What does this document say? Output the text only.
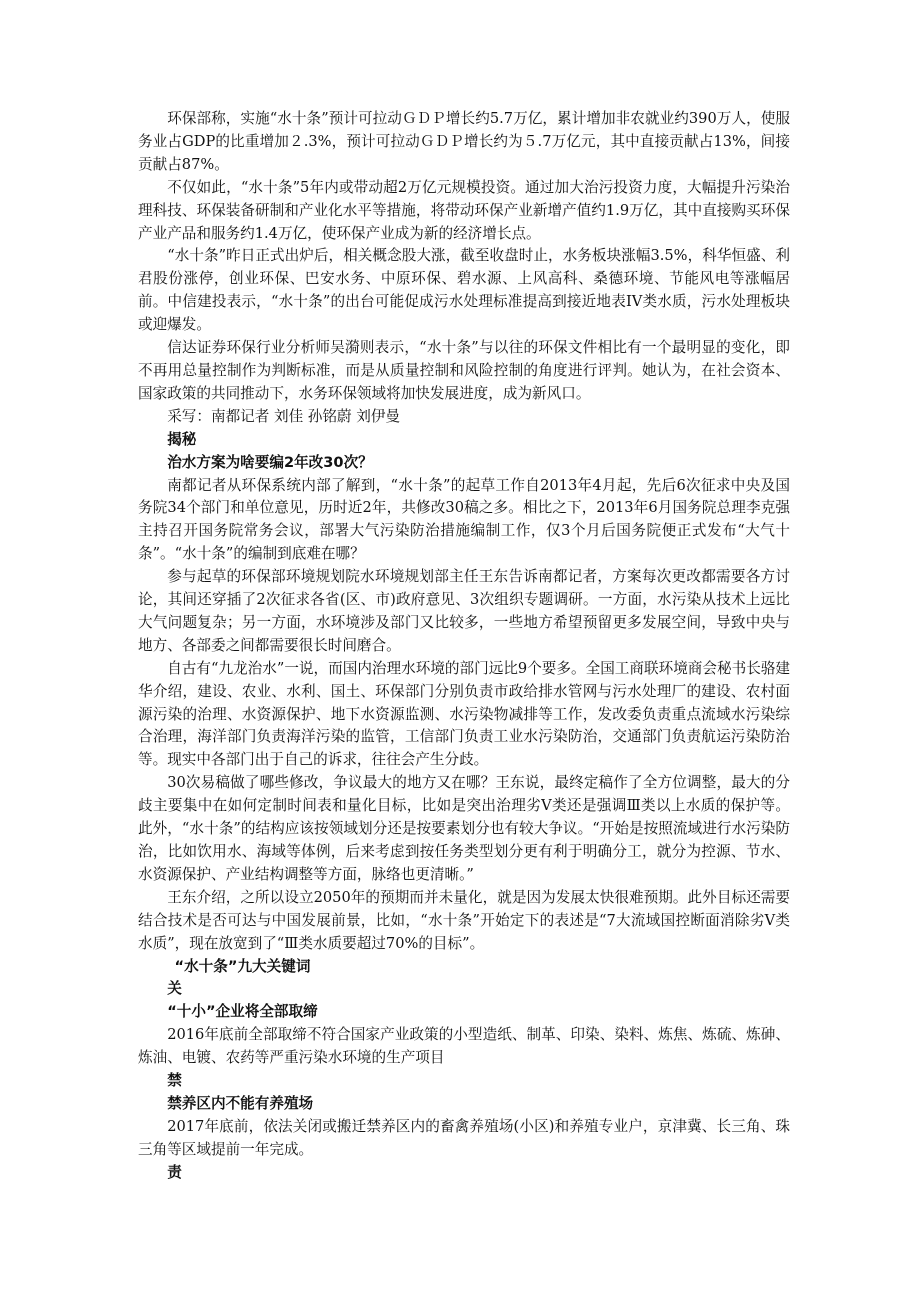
环保部称，实施“水十条”预计可拉动ＧＤＰ增长约5.7万亿，累计增加非农就业约390万人，使服务业占GDP的比重增加２.3%，预计可拉动ＧＤＰ增长约为５.7万亿元，其中直接贡献占13%，间接贡献占87%。

不仅如此，“水十条”5年内或带动超2万亿元规模投资。通过加大治污投资力度，大幅提升污染治理科技、环保装备研制和产业化水平等措施，将带动环保产业新增产值约1.9万亿，其中直接购买环保产业产品和服务约1.4万亿，使环保产业成为新的经济增长点。

“水十条”昨日正式出炉后，相关概念股大涨，截至收盘时止，水务板块涨幅3.5%，科华恒盛、利君股份涨停，创业环保、巴安水务、中原环保、碧水源、上风高科、桑德环境、节能风电等涨幅居前。中信建投表示，“水十条”的出台可能促成污水处理标准提高到接近地表IV类水质，污水处理板块或迎爆发。

信达证券环保行业分析师吴漪则表示，“水十条”与以往的环保文件相比有一个最明显的变化，即不再用总量控制作为判断标准，而是从质量控制和风险控制的角度进行评判。她认为，在社会资本、国家政策的共同推动下，水务环保领域将加快发展进度，成为新风口。

采写：南都记者 刘佳 孙铭蔚 刘伊曼

揭秘
治水方案为啥要编2年改30次？

南都记者从环保系统内部了解到，“水十条”的起草工作自2013年4月起，先后6次征求中央及国务院34个部门和单位意见，历时近2年，共修改30稿之多。相比之下，2013年6月国务院总理李克强主持召开国务院常务会议，部署大气污染防治措施编制工作，仅3个月后国务院便正式发布“大气十条”。“水十条”的编制到底难在哪？

参与起草的环保部环境规划院水环境规划部主任王东告诉南都记者，方案每次更改都需要各方讨论，其间还穿插了2次征求各省(区、市)政府意见、3次组织专题调研。一方面，水污染从技术上远比大气问题复杂；另一方面，水环境涉及部门又比较多，一些地方希望预留更多发展空间，导致中央与地方、各部委之间都需要很长时间磨合。

自古有“九龙治水”一说，而国内治理水环境的部门远比9个要多。全国工商联环境商会秘书长骆建华介绍，建设、农业、水利、国土、环保部门分别负责市政给排水管网与污水处理厂的建设、农村面源污染的治理、水资源保护、地下水资源监测、水污染物减排等工作，发改委负责重点流域水污染综合治理，海洋部门负责海洋污染的监管，工信部门负责工业水污染防治，交通部门负责航运污染防治等。现实中各部门出于自己的诉求，往往会产生分歧。

30次易稿做了哪些修改，争议最大的地方又在哪？王东说，最终定稿作了全方位调整，最大的分歧主要集中在如何定制时间表和量化目标，比如是突出治理劣Ⅴ类还是强调Ⅲ类以上水质的保护等。此外，“水十条”的结构应该按领域划分还是按要素划分也有较大争议。“开始是按照流域进行水污染防治，比如饮用水、海域等体例，后来考虑到按任务类型划分更有利于明确分工，就分为控源、节水、水资源保护、产业结构调整等方面，脉络也更清晰。”

王东介绍，之所以设立2050年的预期而并未量化，就是因为发展太快很难预期。此外目标还需要结合技术是否可达与中国发展前景，比如，“水十条”开始定下的表述是“7大流域国控断面消除劣Ⅴ类水质”，现在放宽到了“Ⅲ类水质要超过70%的目标”。

“水十条”九大关键词
关
“十小”企业将全部取缔

2016年底前全部取缔不符合国家产业政策的小型造纸、制革、印染、染料、炼焦、炼硫、炼砷、炼油、电镀、农药等严重污染水环境的生产项目

禁
禁养区内不能有养殖场

2017年底前，依法关闭或搬迁禁养区内的畜禽养殖场(小区)和养殖专业户，京津冀、长三角、珠三角等区域提前一年完成。

责
